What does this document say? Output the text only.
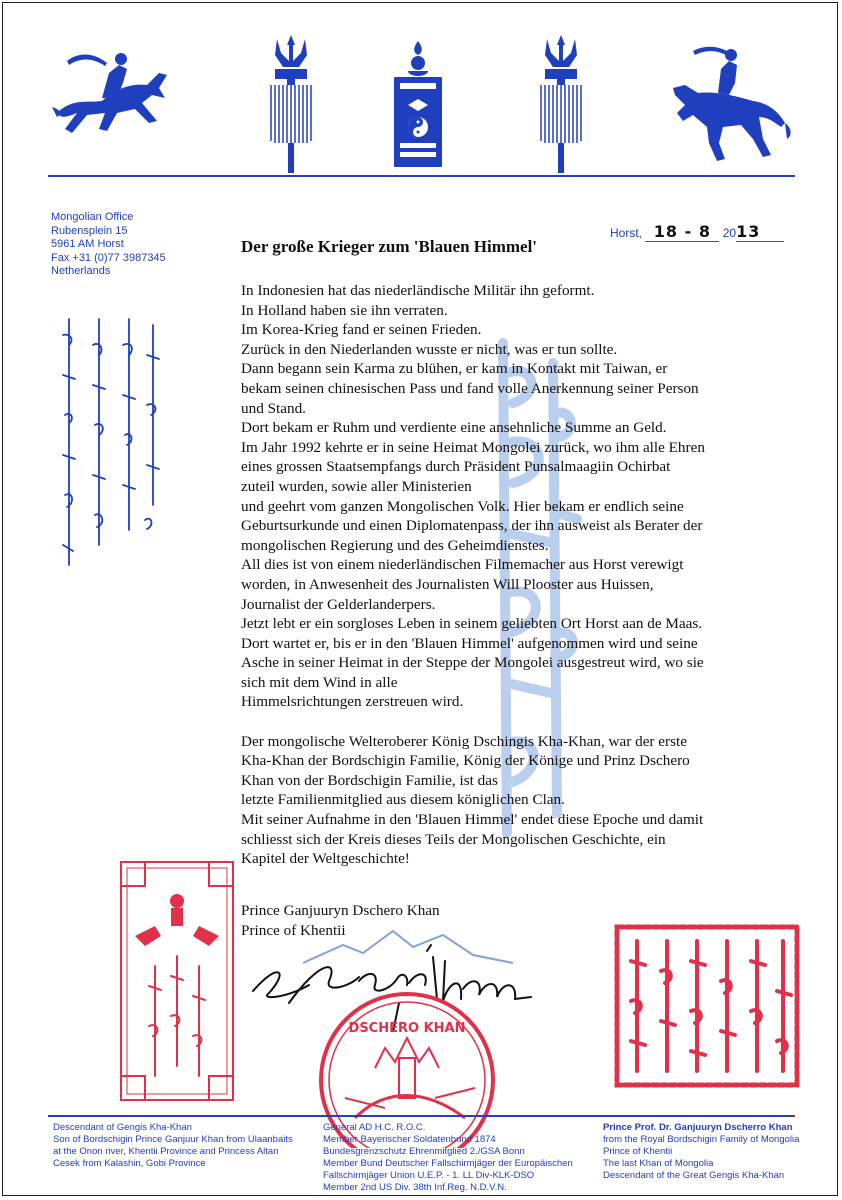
Mongolian Office
Rubensplein 15
5961 AM Horst
Fax +31 (0)77 3987345
Netherlands
Horst, 18 - 8 2013
Der große Krieger zum 'Blauen Himmel'
In Indonesien hat das niederländische Militär ihn geformt.
In Holland haben sie ihn verraten.
Im Korea-Krieg fand er seinen Frieden.
Zurück in den Niederlanden wusste er nicht, was er tun sollte.
Dann begann sein Karma zu blühen, er kam in Kontakt mit Taiwan, er
bekam seinen chinesischen Pass und fand volle Anerkennung seiner Person
und Stand.
Dort bekam er Ruhm und verdiente eine ansehnliche Summe an Geld.
Im Jahr 1992 kehrte er in seine Heimat Mongolei zurück, wo ihm alle Ehren
eines grossen Staatsempfangs durch Präsident Punsalmaagiin Ochirbat
zuteil wurden, sowie aller Ministerien
und geehrt vom ganzen Mongolischen Volk. Hier bekam er endlich seine
Geburtsurkunde und einen Diplomatenpass, der ihn ausweist als Berater der
mongolischen Regierung und des Geheimdienstes.
All dies ist von einem niederländischen Filmemacher aus Horst verewigt
worden, in Anwesenheit des Journalisten Will Plooster aus Huissen,
Journalist der Gelderlanderpers.
Jetzt lebt er ein sorgloses Leben in seinem geliebten Ort Horst aan de Maas.
Dort wartet er, bis er in den 'Blauen Himmel' aufgenommen wird und seine
Asche in seiner Heimat in der Steppe der Mongolei ausgestreut wird, wo sie
sich mit dem Wind in alle
Himmelsrichtungen zerstreuen wird.
Der mongolische Welteroberer König Dschingis Kha-Khan, war der erste
Kha-Khan der Bordschigin Familie, König der Könige und Prinz Dschero
Khan von der Bordschigin Familie, ist das
letzte Familienmitglied aus diesem königlichen Clan.
Mit seiner Aufnahme in den 'Blauen Himmel' endet diese Epoche und damit
schliesst sich der Kreis dieses Teils der Mongolischen Geschichte, ein
Kapitel der Weltgeschichte!
Prince Ganjuuryn Dschero Khan
Prince of Khentii
DSCHERO KHAN
Descendant of Gengis Kha-Khan
Son of Bordschigin Prince Ganjuur Khan from Ulaanbaits
at the Onon river, Khentii Province and Princess Altan
Cesek from Kalashin, Gobi Province
General AD H.C. R.O.C.
Member Bayerischer Soldatenbund 1874
Bundesgrenzschutz Ehrenmitglied 2./GSA Bonn
Member Bund Deutscher Fallschirmjäger der Europäischen
Fallschirmjäger Union U.E.P. - 1. LL Div-KLK-DSO
Member 2nd US Div. 38th Inf.Reg. N.D.V.N.
Prince Prof. Dr. Ganjuuryn Dscherro Khan
from the Royal Bordschigin Family of Mongolia
Prince of Khentii
The last Khan of Mongolia
Descendant of the Great Gengis Kha-Khan
